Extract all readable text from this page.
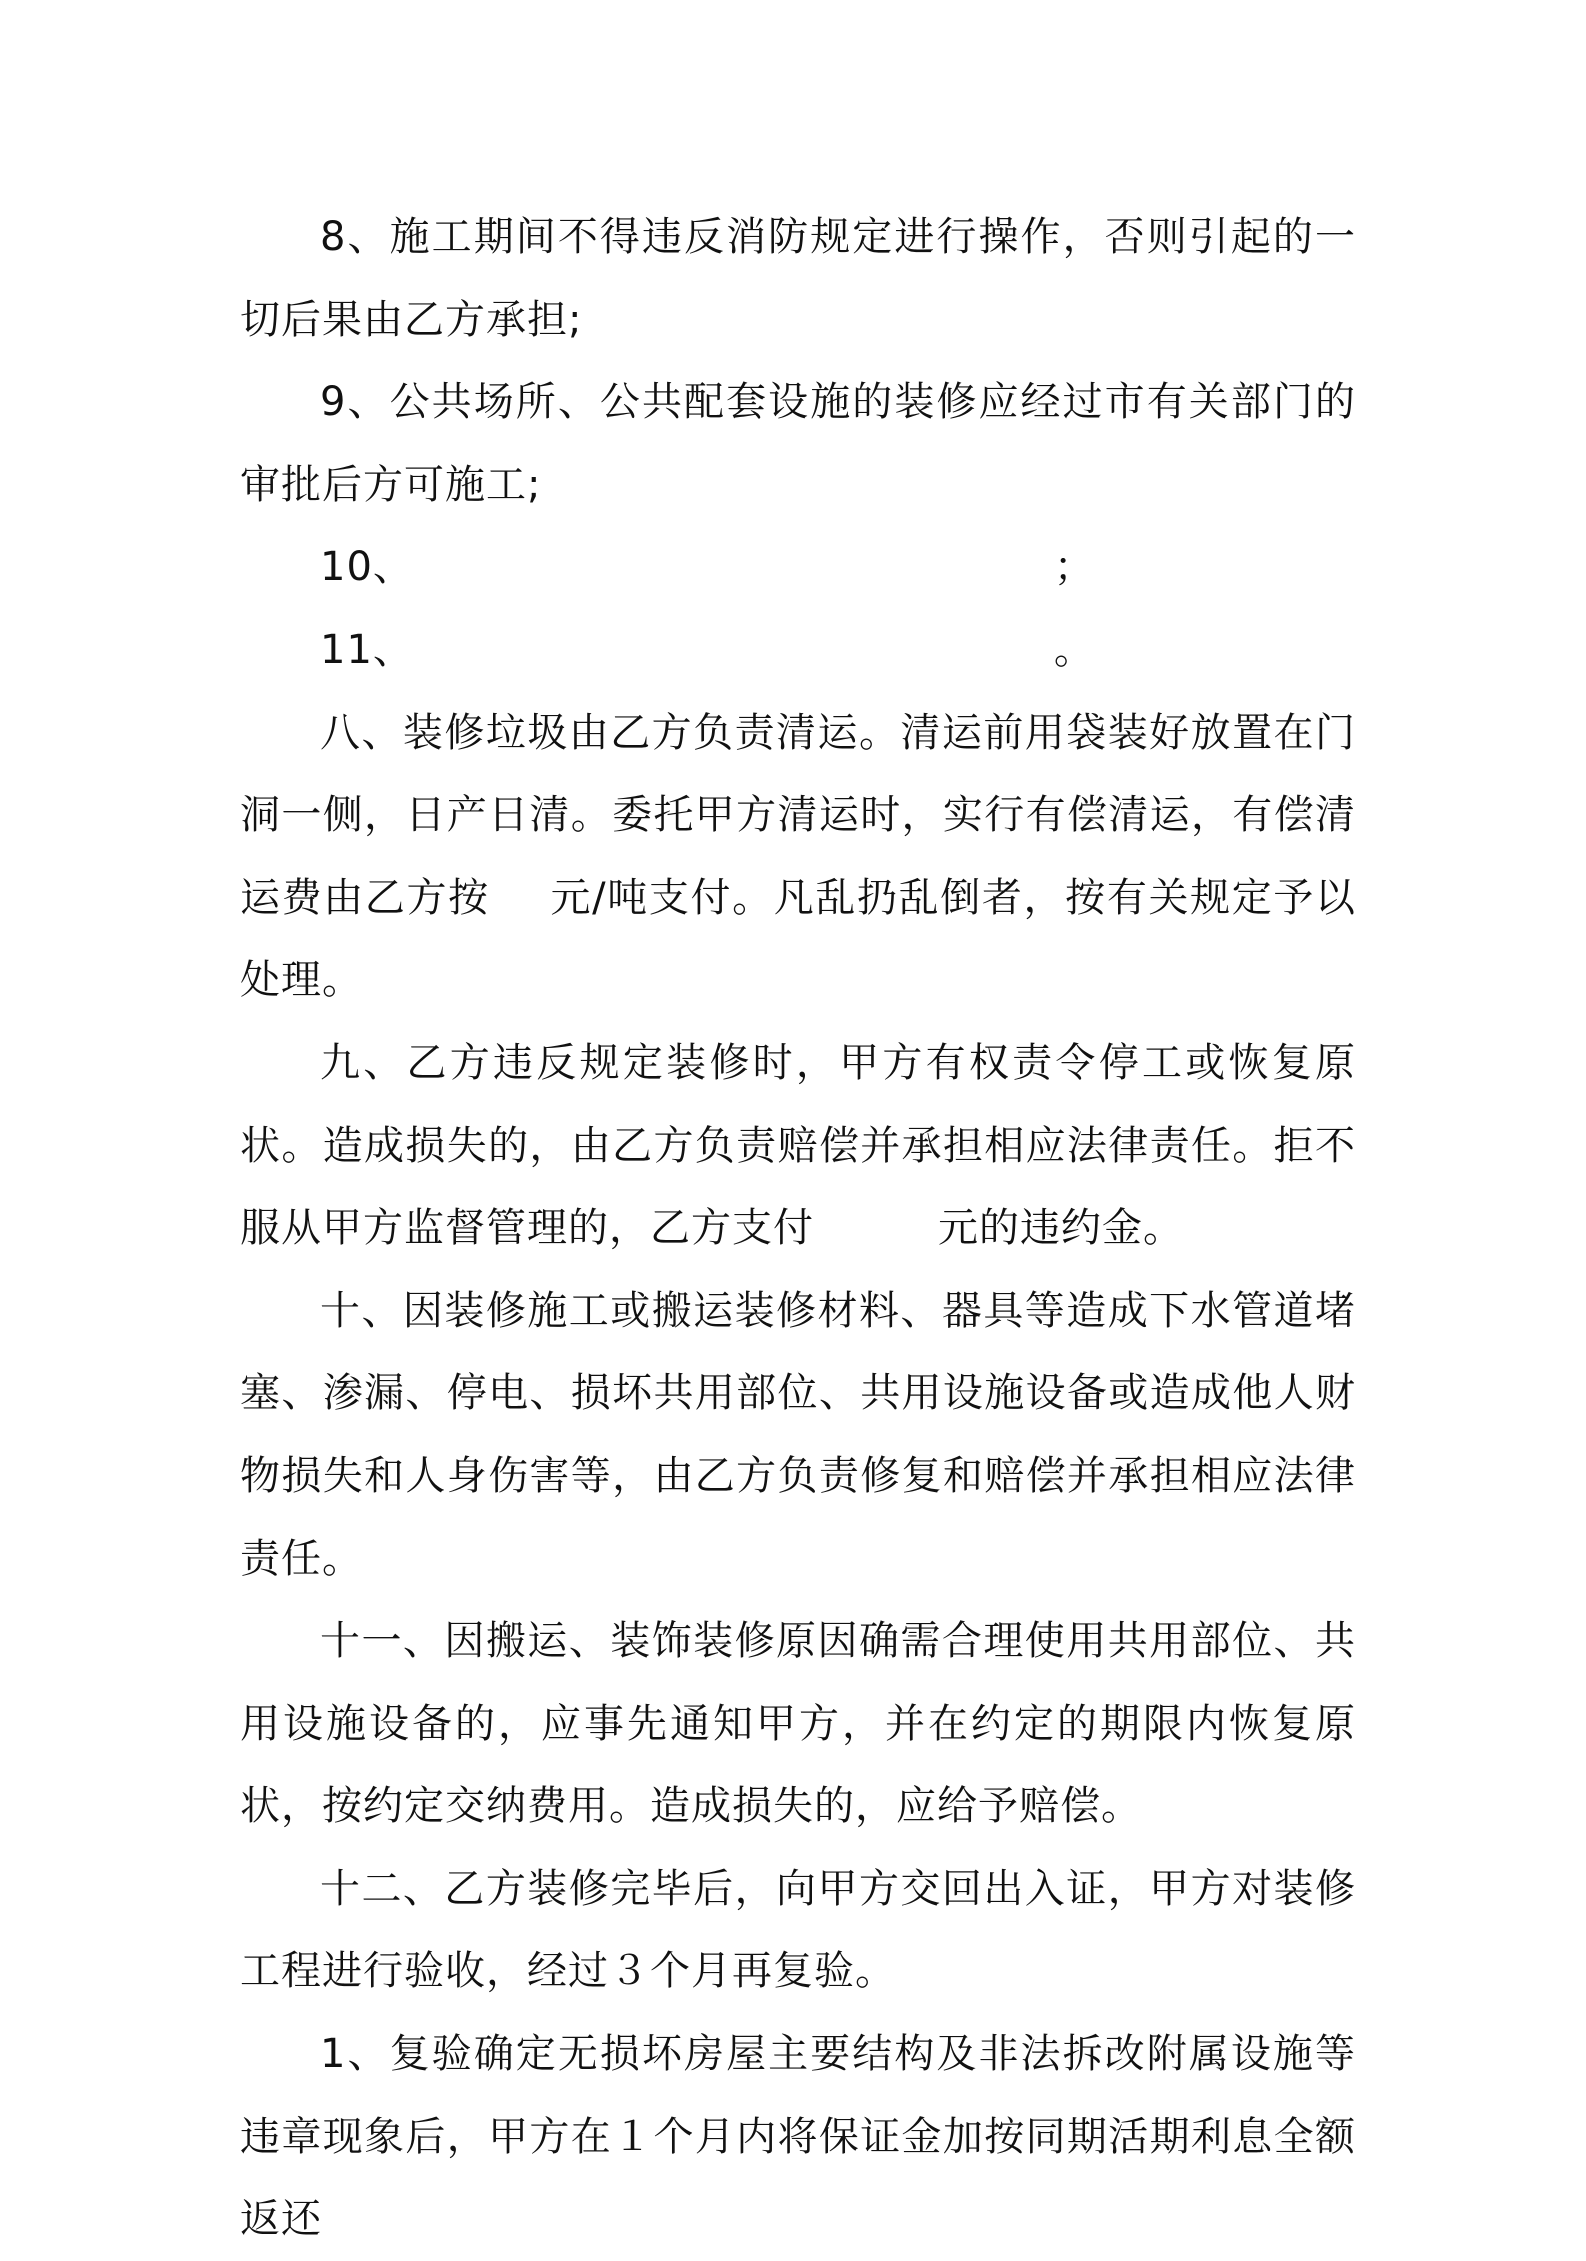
8、施工期间不得违反消防规定进行操作，否则引起的一切后果由乙方承担;

9、公共场所、公共配套设施的装修应经过市有关部门的审批后方可施工;

10、	；

11、	。

八、装修垃圾由乙方负责清运。清运前用袋装好放置在门洞一侧，日产日清。委托甲方清运时，实行有偿清运，有偿清运费由乙方按 元/吨支付。凡乱扔乱倒者，按有关规定予以处理。

九、乙方违反规定装修时，甲方有权责令停工或恢复原状。造成损失的，由乙方负责赔偿并承担相应法律责任。拒不服从甲方监督管理的，乙方支付	元的违约金。

十、因装修施工或搬运装修材料、器具等造成下水管道堵塞、渗漏、停电、损坏共用部位、共用设施设备或造成他人财物损失和人身伤害等，由乙方负责修复和赔偿并承担相应法律责任。

十一、因搬运、装饰装修原因确需合理使用共用部位、共用设施设备的，应事先通知甲方，并在约定的期限内恢复原状，按约定交纳费用。造成损失的，应给予赔偿。

十二、乙方装修完毕后，向甲方交回出入证，甲方对装修工程进行验收，经过３个月再复验。

1、复验确定无损坏房屋主要结构及非法拆改附属设施等违章现象后，甲方在１个月内将保证金加按同期活期利息全额返还
